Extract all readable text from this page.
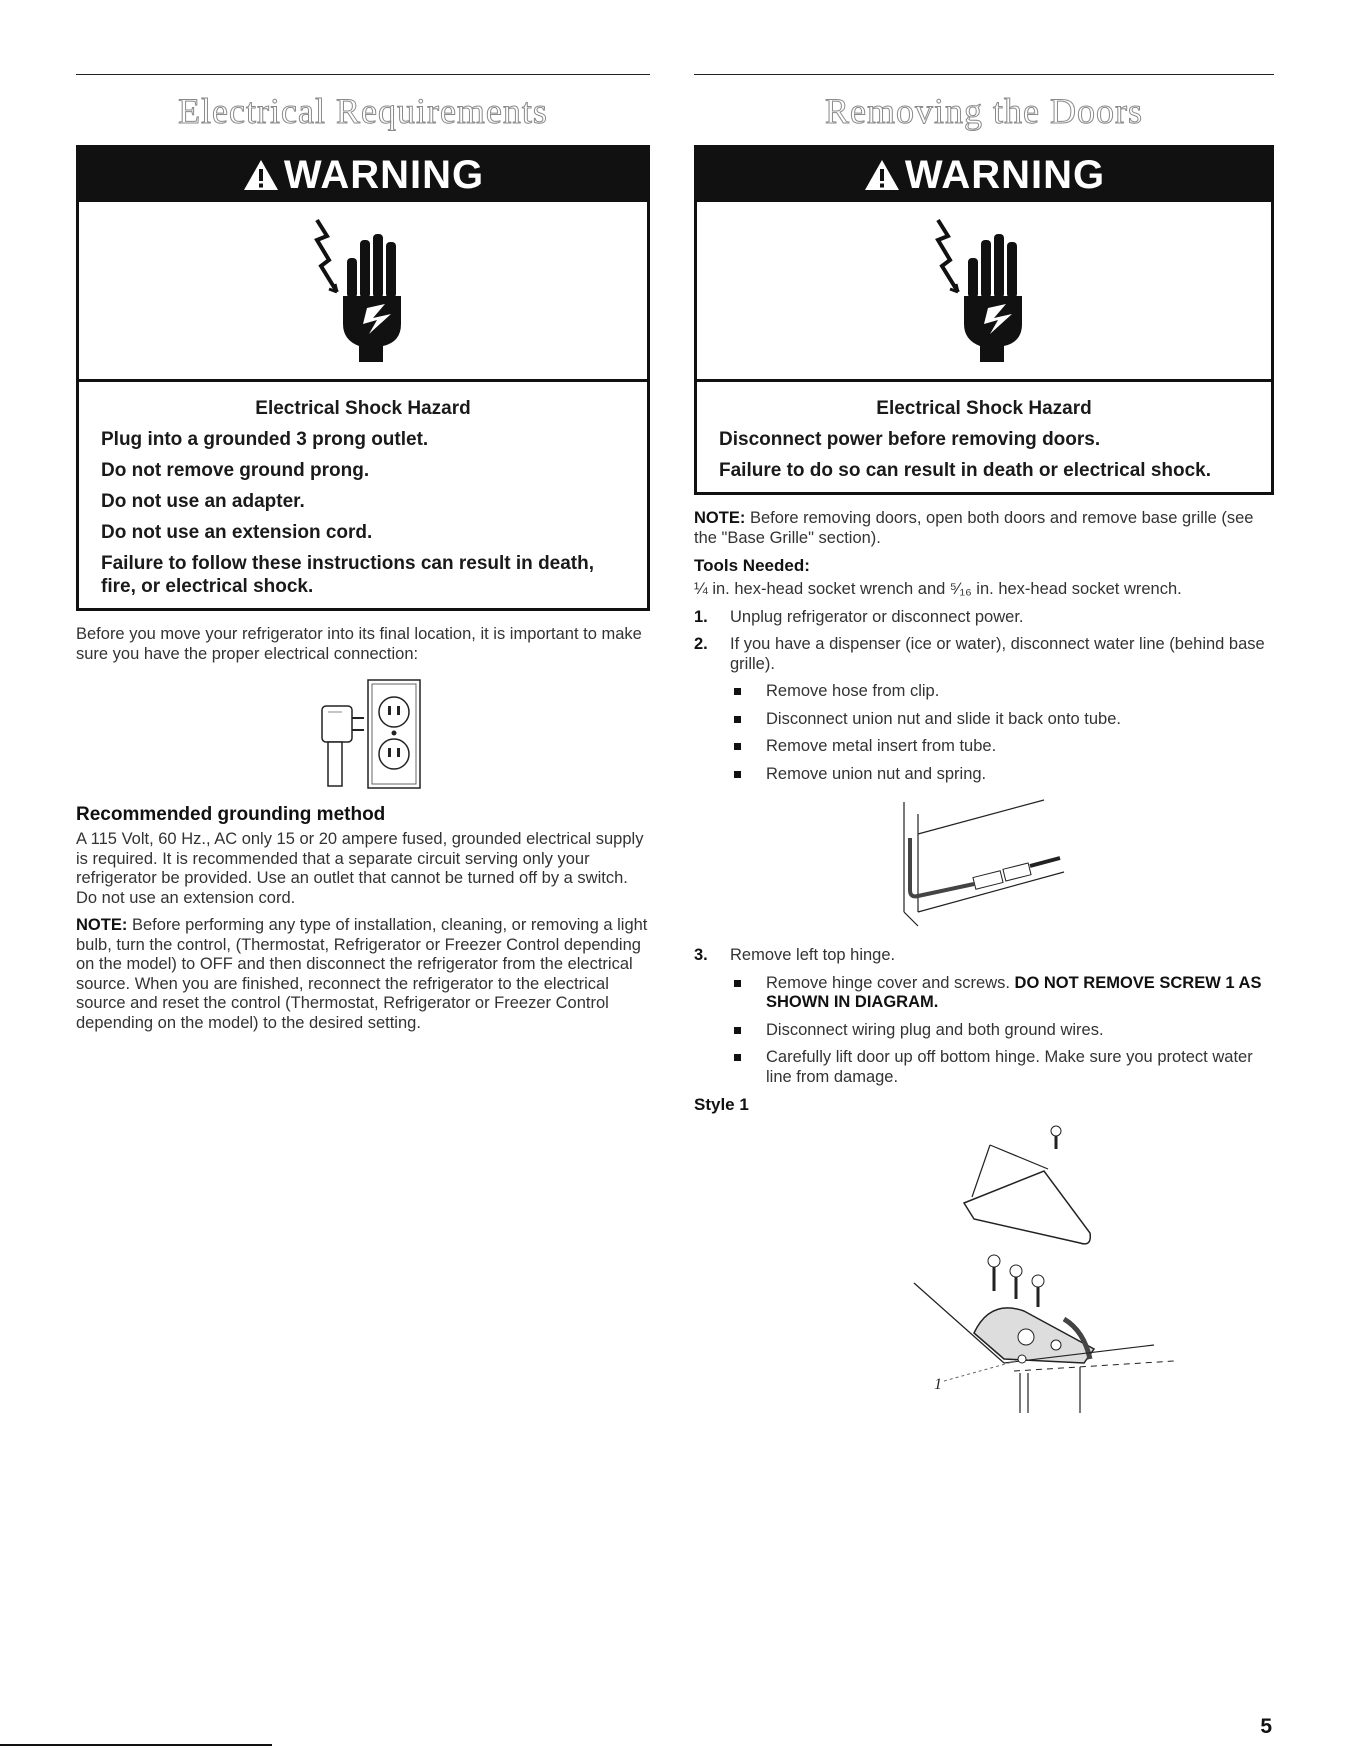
Electrical Requirements
WARNING
Electrical Shock Hazard

Plug into a grounded 3 prong outlet.

Do not remove ground prong.

Do not use an adapter.

Do not use an extension cord.

Failure to follow these instructions can result in death, fire, or electrical shock.

Before you move your refrigerator into its final location, it is important to make sure you have the proper electrical connection:

Recommended grounding method

A 115 Volt, 60 Hz., AC only 15 or 20 ampere fused, grounded electrical supply is required. It is recommended that a separate circuit serving only your refrigerator be provided. Use an outlet that cannot be turned off by a switch. Do not use an extension cord.

NOTE: Before performing any type of installation, cleaning, or removing a light bulb, turn the control, (Thermostat, Refrigerator or Freezer Control depending on the model) to OFF and then disconnect the refrigerator from the electrical source. When you are finished, reconnect the refrigerator to the electrical source and reset the control (Thermostat, Refrigerator or Freezer Control depending on the model) to the desired setting.

Removing the Doors
WARNING
Electrical Shock Hazard

Disconnect power before removing doors.

Failure to do so can result in death or electrical shock.

NOTE: Before removing doors, open both doors and remove base grille (see the "Base Grille" section).

Tools Needed:

¼ in. hex-head socket wrench and ⁵⁄₁₆ in. hex-head socket wrench.

1. Unplug refrigerator or disconnect power.
2. If you have a dispenser (ice or water), disconnect water line (behind base grille).
Remove hose from clip.
Disconnect union nut and slide it back onto tube.
Remove metal insert from tube.
Remove union nut and spring.
3. Remove left top hinge.
Remove hinge cover and screws. DO NOT REMOVE SCREW 1 AS SHOWN IN DIAGRAM.
Disconnect wiring plug and both ground wires.
Carefully lift door up off bottom hinge. Make sure you protect water line from damage.
Style 1
1
5
